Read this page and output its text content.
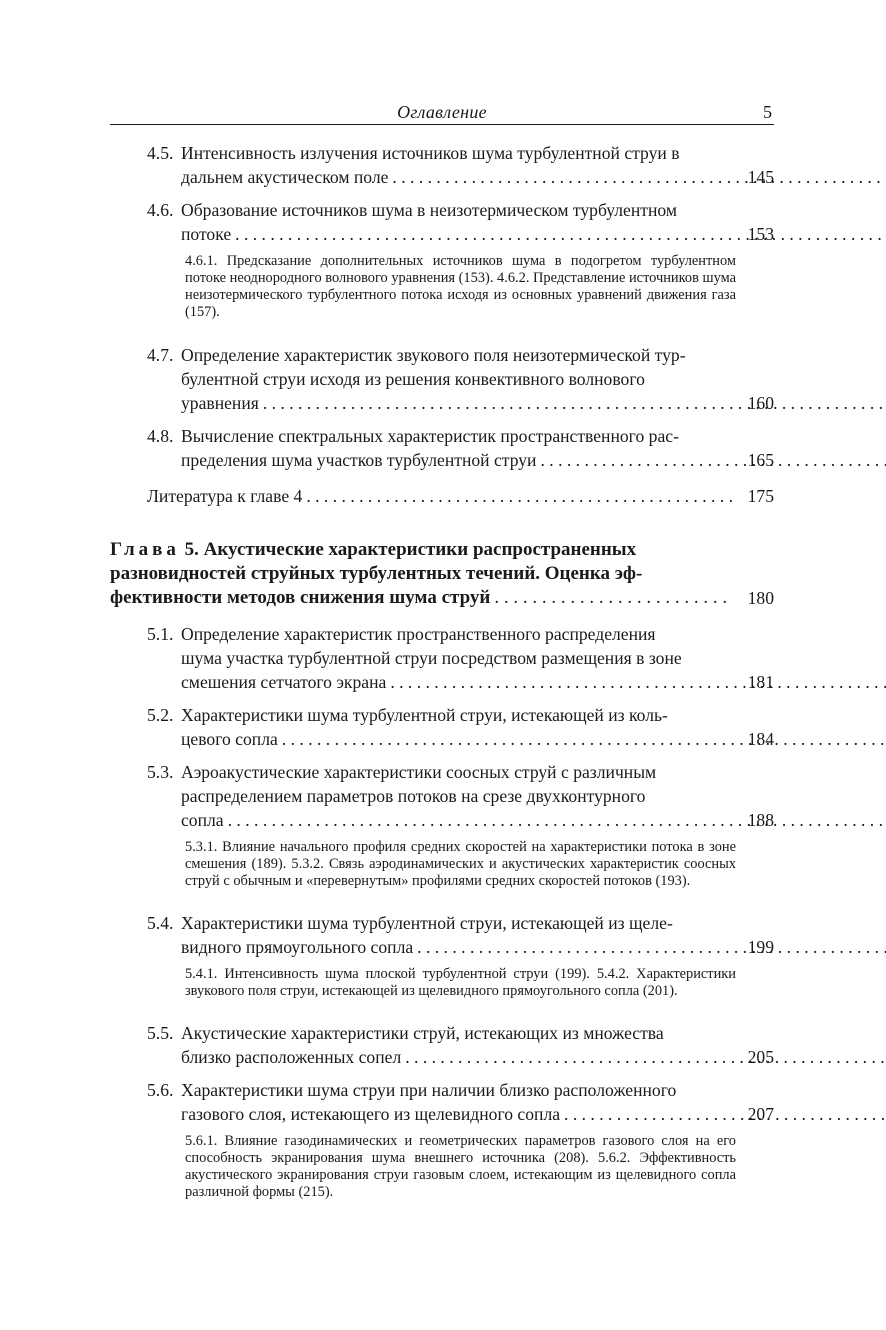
Оглавление	5
4.5. Интенсивность излучения источников шума турбулентной струи в
дальнем акустическом поле . . .	145
4.6. Образование источников шума в неизотермическом турбулентном
потоке . . .	153
4.6.1. Предсказание дополнительных источников шума в подогретом турбулентном потоке неоднородного волнового уравнения (153). 4.6.2. Представление источников шума неизотермического турбулентного потока исходя из основных уравнений движения газа (157).
4.7. Определение характеристик звукового поля неизотермической тур-
булентной струи исходя из решения конвективного волнового
уравнения . . .	160
4.8. Вычисление спектральных характеристик пространственного рас-
пределения шума участков турбулентной струи . . .	165
Литература к главе 4 . . .	175
Глава 5. Акустические характеристики распространенных
разновидностей струйных турбулентных течений. Оценка эф-
фективности методов снижения шума струй . . .	180
5.1. Определение характеристик пространственного распределения
шума участка турбулентной струи посредством размещения в зоне
смешения сетчатого экрана . . .	181
5.2. Характеристики шума турбулентной струи, истекающей из коль-
цевого сопла . . .	184
5.3. Аэроакустические характеристики соосных струй с различным
распределением параметров потоков на срезе двухконтурного
сопла . . .	188
5.3.1. Влияние начального профиля средних скоростей на характеристики потока в зоне смешения (189). 5.3.2. Связь аэродинамических и акустических характеристик соосных струй с обычным и «перевернутым» профилями средних скоростей потоков (193).
5.4. Характеристики шума турбулентной струи, истекающей из щеле-
видного прямоугольного сопла . . .	199
5.4.1. Интенсивность шума плоской турбулентной струи (199). 5.4.2. Характеристики звукового поля струи, истекающей из щелевидного прямоугольного сопла (201).
5.5. Акустические характеристики струй, истекающих из множества
близко расположенных сопел . . .	205
5.6. Характеристики шума струи при наличии близко расположенного
газового слоя, истекающего из щелевидного сопла . . .	207
5.6.1. Влияние газодинамических и геометрических параметров газового слоя на его способность экранирования шума внешнего источника (208). 5.6.2. Эффективность акустического экранирования струи газовым слоем, истекающим из щелевидного сопла различной формы (215).
